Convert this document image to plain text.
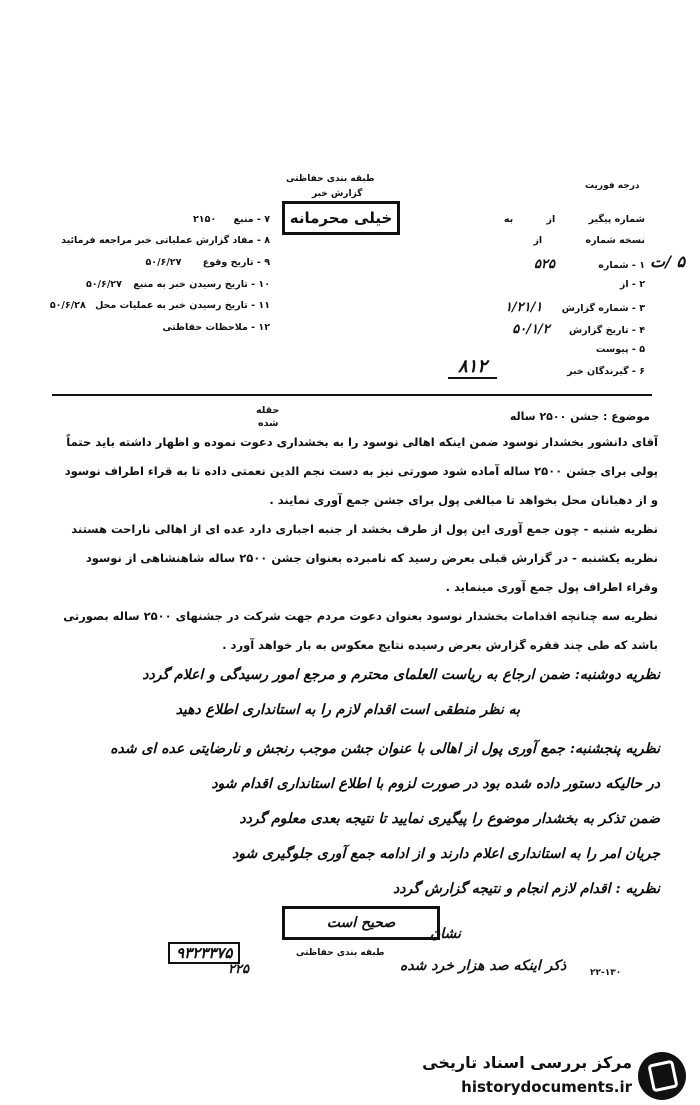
درجه فوریت
طبقه بندی حفاظتی
گزارش خبر
خیلی محرمانه	شماره پیگیر از به
نسخه شماره از
۱ - شماره ۵۲۵
۲ - از
۳ - شماره گزارش ۱/۲۱/۱
۴ - تاریخ گزارش ۵۰/۱/۲
۵ - پیوست
۶ - گیرندگان خبر
۵ /ت
۸۱۲
۷ - منبع ۲۱۵۰
۸ - مفاد گزارش عملیاتی خبر مراجعه فرمائید
۹ - تاریخ وقوع ۵۰/۶/۲۷
۱۰ - تاریخ رسیدن خبر به منبع ۵۰/۶/۲۷
۱۱ - تاریخ رسیدن خبر به عملیات محل ۵۰/۶/۲۸
۱۲ - ملاحظات حفاظتی
موضوع : جشن ۲۵۰۰ ساله
حقله
شده
آقای دانشور بخشدار نوسود ضمن اینکه اهالی نوسود را به بخشداری دعوت نموده و اظهار داشته باید حتماً
پولی برای جشن ۲۵۰۰ ساله آماده شود صورتی نیز به دست نجم الدین نعمتی داده تا به قراء اطراف نوسود
و از دهبانان محل بخواهد تا مبالغی پول برای جشن جمع آوری نمایند .
نظریه شنبه - چون جمع آوری این پول از طرف بخشد ار جنبه اجباری دارد عده ای از اهالی ناراحت هستند
نظریه یکشنبه - در گزارش قبلی بعرض رسید که نامبرده بعنوان جشن ۲۵۰۰ ساله شاهنشاهی از نوسود
وقراء اطراف پول جمع آوری مینماید .
نظریه سه چنانچه اقدامات بخشدار نوسود بعنوان دعوت مردم جهت شرکت در جشنهای ۲۵۰۰ ساله بصورتی
باشد که طی چند فقره گزارش بعرض رسیده نتایج معکوس به بار خواهد آورد .
نظریه دوشنبه: ضمن ارجاع به ریاست العلمای محترم و مرجع امور رسیدگی و اعلام گردد
به نظر منطقی است اقدام لازم را به استانداری اطلاع دهید
نظریه پنجشنبه: جمع آوری پول از اهالی با عنوان جشن موجب رنجش و نارضایتی عده ای شده
در حالیکه دستور داده شده بود در صورت لزوم با اطلاع استانداری اقدام شود
ضمن تذکر به بخشدار موضوع را پیگیری نمایید تا نتیجه بعدی معلوم گردد
جریان امر را به استانداری اعلام دارند و از ادامه جمع آوری جلوگیری شود
نظریه : اقدام لازم انجام و نتیجه گزارش گردد
صحیح است
۹۳۲۳۳۷۵
۲۲۵
طبقه بندی حفاظتی
نشان
۲۲-۱۳۰
ذکر اینکه صد هزار خرد شده
مرکز بررسی اسناد تاریخی
historydocuments.ir
